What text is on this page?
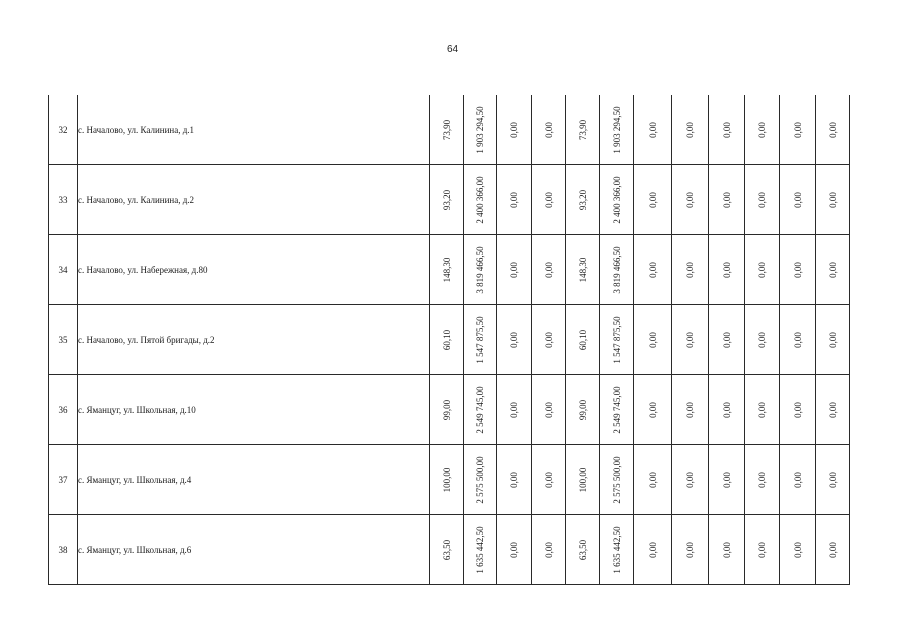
64
32	с. Началово, ул. Калинина, д.1	73,90	1 903 294,50	0,00	0,00	73,90	1 903 294,50	0,00	0,00	0,00	0,00	0,00	0,00

33	с. Началово, ул. Калинина, д.2	93,20	2 400 366,00	0,00	0,00	93,20	2 400 366,00	0,00	0,00	0,00	0,00	0,00	0,00

34	с. Началово, ул. Набережная, д.80	148,30	3 819 466,50	0,00	0,00	148,30	3 819 466,50	0,00	0,00	0,00	0,00	0,00	0,00

35	с. Началово, ул. Пятой бригады, д.2	60,10	1 547 875,50	0,00	0,00	60,10	1 547 875,50	0,00	0,00	0,00	0,00	0,00	0,00

36	с. Яманцуг, ул. Школьная, д.10	99,00	2 549 745,00	0,00	0,00	99,00	2 549 745,00	0,00	0,00	0,00	0,00	0,00	0,00

37	с. Яманцуг, ул. Школьная, д.4	100,00	2 575 500,00	0,00	0,00	100,00	2 575 500,00	0,00	0,00	0,00	0,00	0,00	0,00

38	с. Яманцуг, ул. Школьная, д.6	63,50	1 635 442,50	0,00	0,00	63,50	1 635 442,50	0,00	0,00	0,00	0,00	0,00	0,00
